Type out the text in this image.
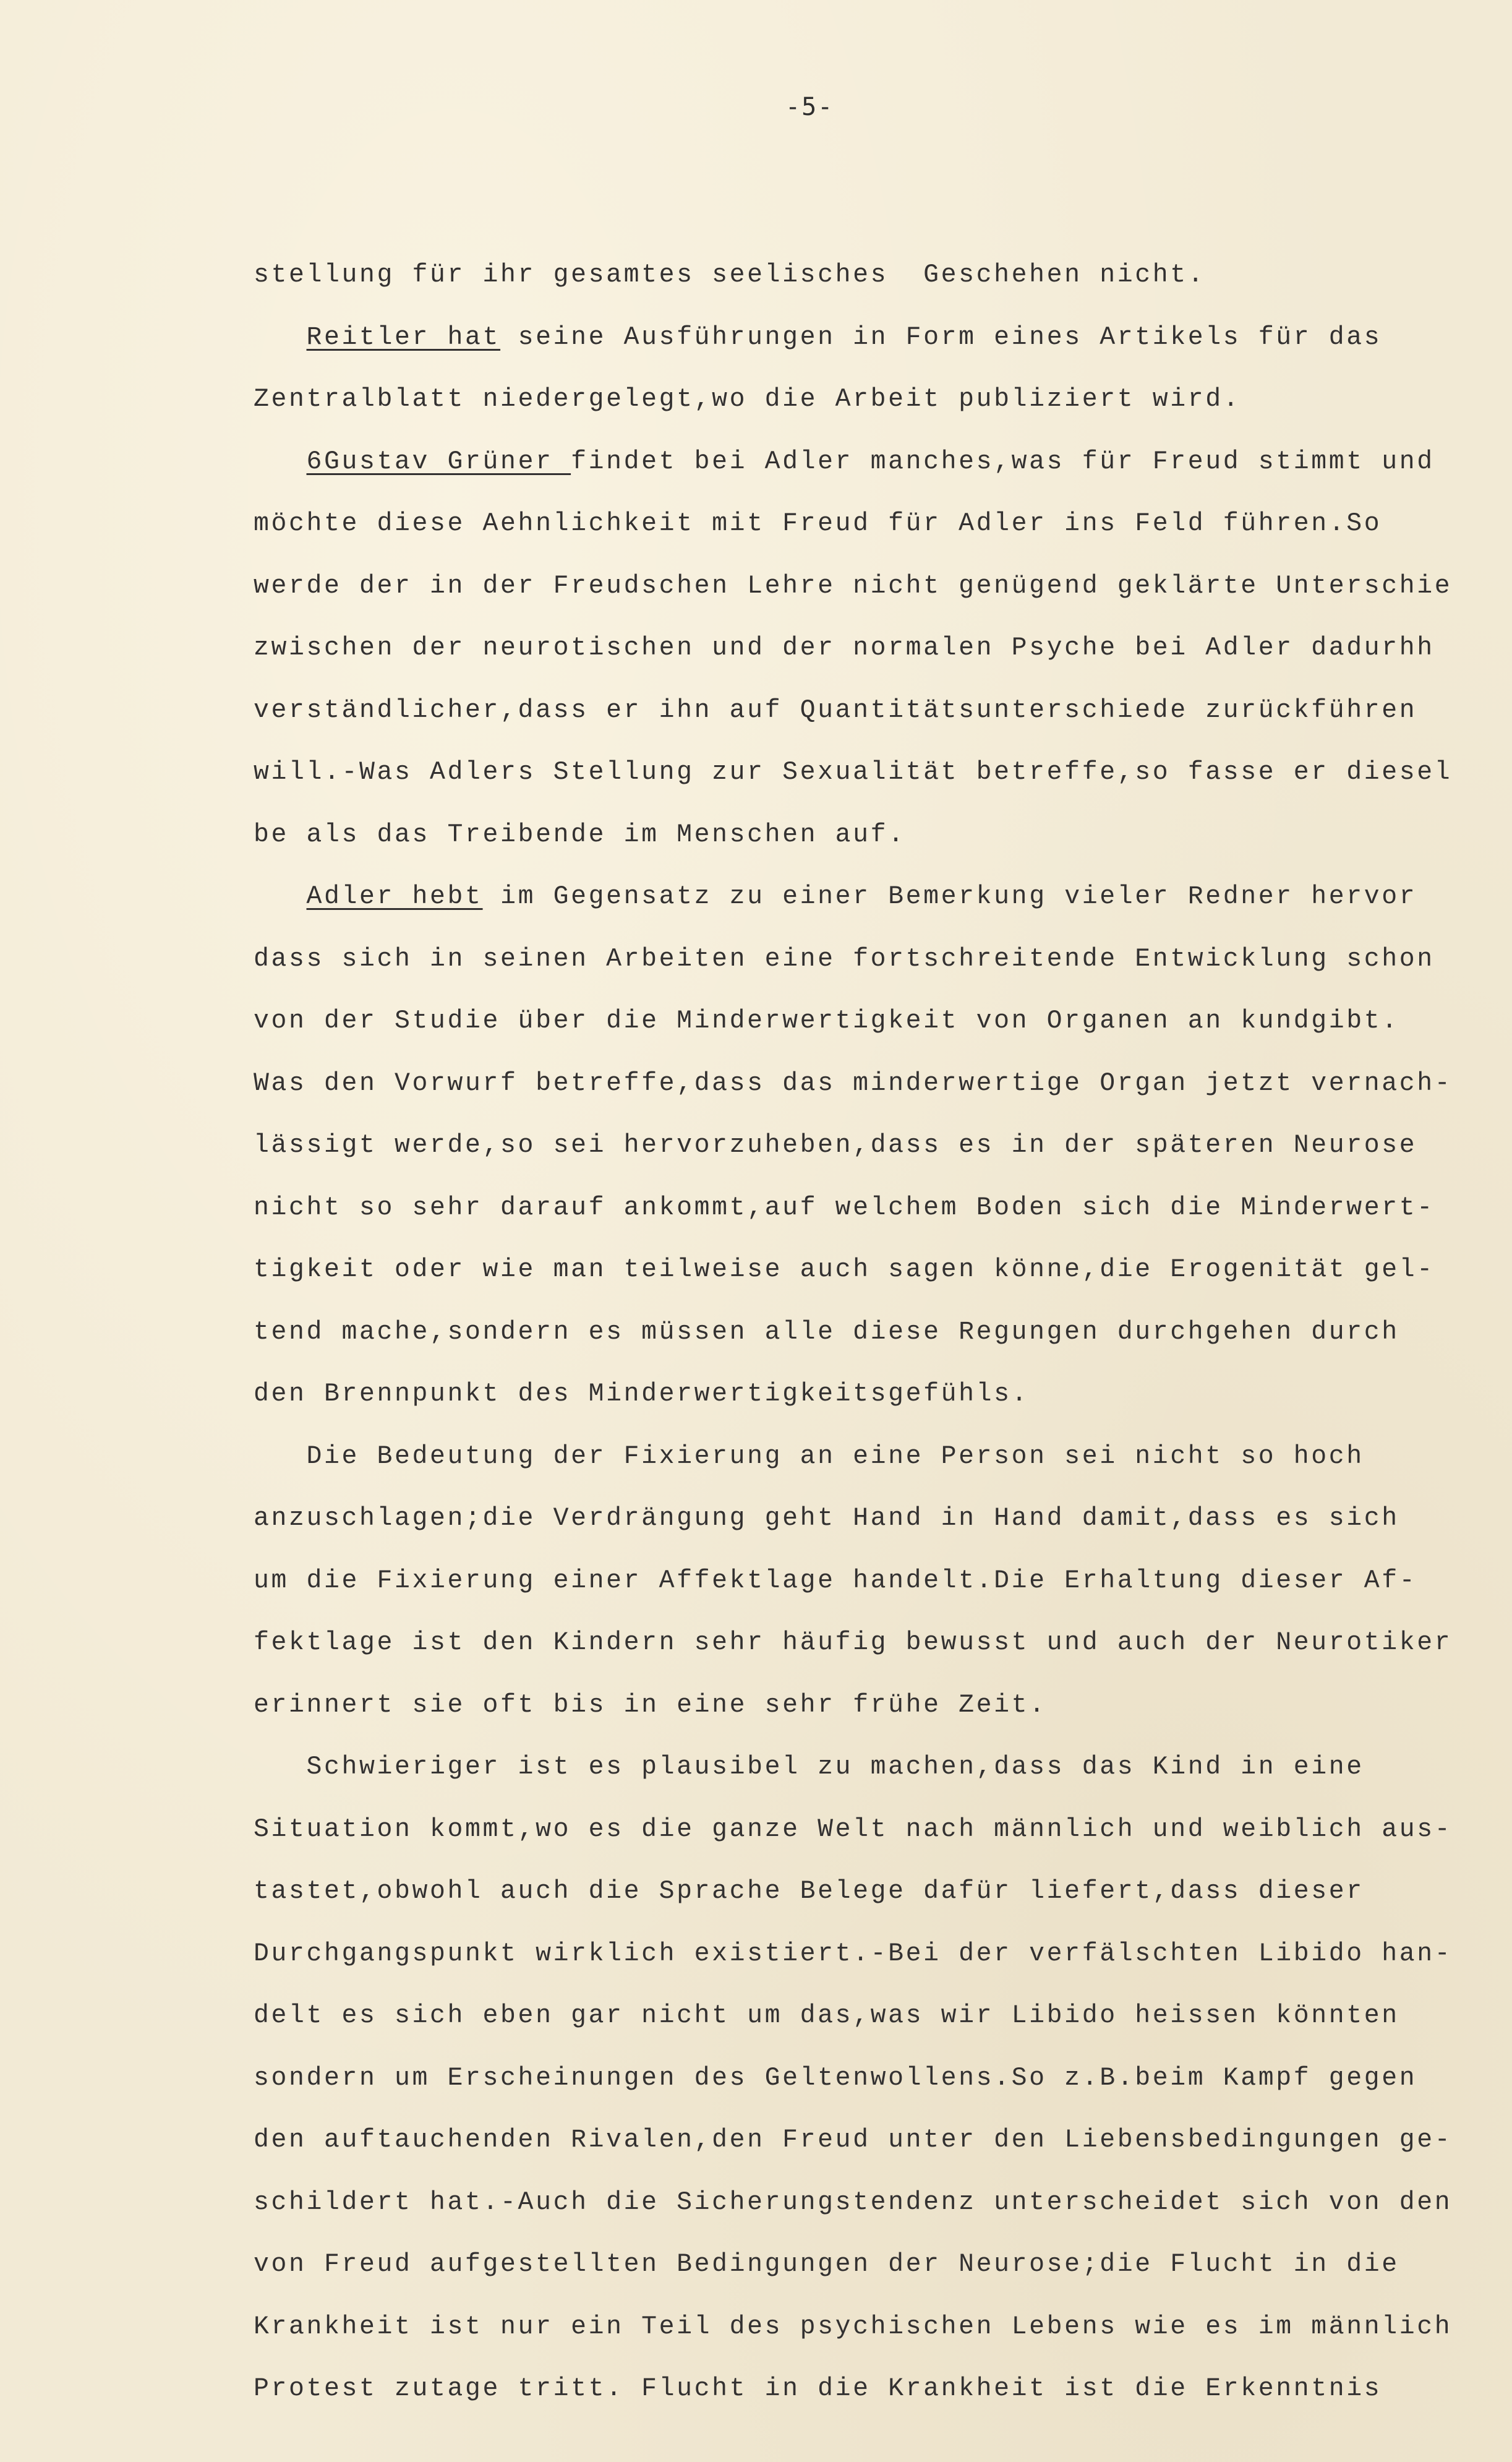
-5-
stellung für ihr gesamtes seelisches  Geschehen nicht.
Reitler hat seine Ausführungen in Form eines Artikels für das
Zentralblatt niedergelegt,wo die Arbeit publiziert wird.
6Gustav Grüner findet bei Adler manches,was für Freud stimmt und
möchte diese Aehnlichkeit mit Freud für Adler ins Feld führen.So
werde der in der Freudschen Lehre nicht genügend geklärte Unterschie
zwischen der neurotischen und der normalen Psyche bei Adler dadurhh
verständlicher,dass er ihn auf Quantitätsunterschiede zurückführen
will.-Was Adlers Stellung zur Sexualität betreffe,so fasse er diesel
be als das Treibende im Menschen auf.
Adler hebt im Gegensatz zu einer Bemerkung vieler Redner hervor
dass sich in seinen Arbeiten eine fortschreitende Entwicklung schon
von der Studie über die Minderwertigkeit von Organen an kundgibt.
Was den Vorwurf betreffe,dass das minderwertige Organ jetzt vernach-
lässigt werde,so sei hervorzuheben,dass es in der späteren Neurose
nicht so sehr darauf ankommt,auf welchem Boden sich die Minderwert-
tigkeit oder wie man teilweise auch sagen könne,die Erogenität gel-
tend mache,sondern es müssen alle diese Regungen durchgehen durch
den Brennpunkt des Minderwertigkeitsgefühls.
Die Bedeutung der Fixierung an eine Person sei nicht so hoch
anzuschlagen;die Verdrängung geht Hand in Hand damit,dass es sich
um die Fixierung einer Affektlage handelt.Die Erhaltung dieser Af-
fektlage ist den Kindern sehr häufig bewusst und auch der Neurotiker
erinnert sie oft bis in eine sehr frühe Zeit.
Schwieriger ist es plausibel zu machen,dass das Kind in eine
Situation kommt,wo es die ganze Welt nach männlich und weiblich aus-
tastet,obwohl auch die Sprache Belege dafür liefert,dass dieser
Durchgangspunkt wirklich existiert.-Bei der verfälschten Libido han-
delt es sich eben gar nicht um das,was wir Libido heissen könnten
sondern um Erscheinungen des Geltenwollens.So z.B.beim Kampf gegen
den auftauchenden Rivalen,den Freud unter den Liebensbedingungen ge-
schildert hat.-Auch die Sicherungstendenz unterscheidet sich von den
von Freud aufgestellten Bedingungen der Neurose;die Flucht in die
Krankheit ist nur ein Teil des psychischen Lebens wie es im männlich
Protest zutage tritt. Flucht in die Krankheit ist die Erkenntnis
